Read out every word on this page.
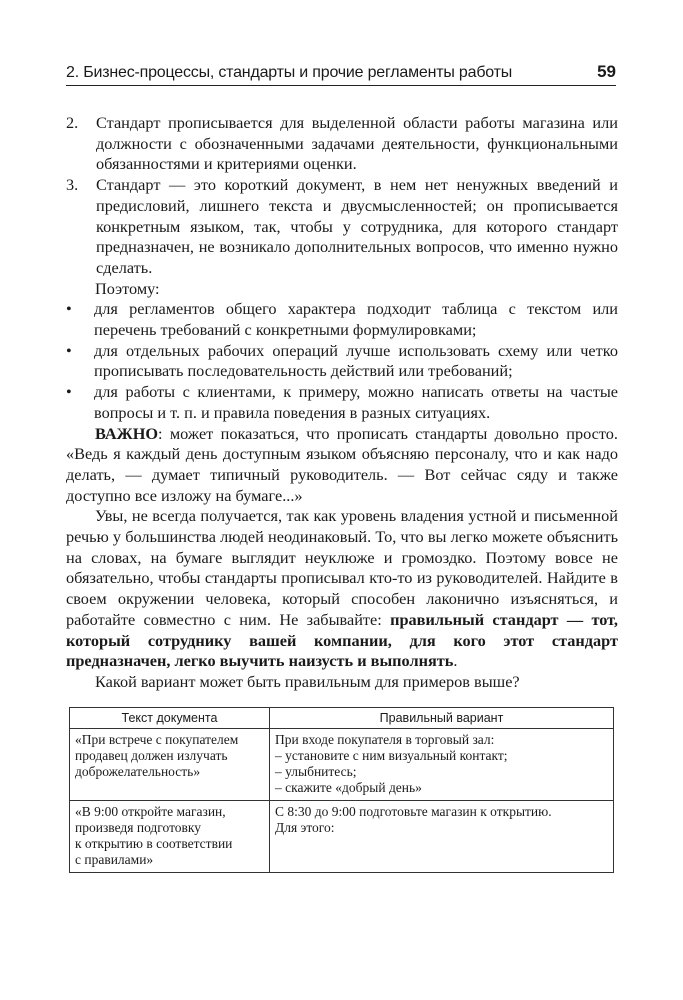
2. Бизнес-процессы, стандарты и прочие регламенты работы	59
2.	Стандарт прописывается для выделенной области работы магазина или должности с обозначенными задачами деятельности, функциональными обязанностями и критериями оценки.
3.	Стандарт — это короткий документ, в нем нет ненужных введений и предисловий, лишнего текста и двусмысленностей; он прописывается конкретным языком, так, чтобы у сотрудника, для которого стандарт предназначен, не возникало дополнительных вопросов, что именно нужно сделать.

Поэтому:

•	для регламентов общего характера подходит таблица с текстом или перечень требований с конкретными формулировками;
•	для отдельных рабочих операций лучше использовать схему или четко прописывать последовательность действий или требований;
•	для работы с клиентами, к примеру, можно написать ответы на частые вопросы и т. п. и правила поведения в разных ситуациях.

ВАЖНО: может показаться, что прописать стандарты довольно просто. «Ведь я каждый день доступным языком объясняю персоналу, что и как надо делать, — думает типичный руководитель. — Вот сейчас сяду и также доступно все изложу на бумаге...»

Увы, не всегда получается, так как уровень владения устной и письменной речью у большинства людей неодинаковый. То, что вы легко можете объяснить на словах, на бумаге выглядит неуклюже и громоздко. Поэтому вовсе не обязательно, чтобы стандарты прописывал кто-то из руководителей. Найдите в своем окружении человека, который способен лаконично изъясняться, и работайте совместно с ним. Не забывайте: правильный стандарт — тот, который сотруднику вашей компании, для кого этот стандарт предназначен, легко выучить наизусть и выполнять.

Какой вариант может быть правильным для примеров выше?

Текст документа	Правильный вариант

«При встрече с покупателем
продавец должен излучать
доброжелательность»	При входе покупателя в торговый зал:
– установите с ним визуальный контакт;
– улыбнитесь;
– скажите «добрый день»

«В 9:00 откройте магазин,
произведя подготовку
к открытию в соответствии
с правилами»	С 8:30 до 9:00 подготовьте магазин к открытию.
Для этого:
